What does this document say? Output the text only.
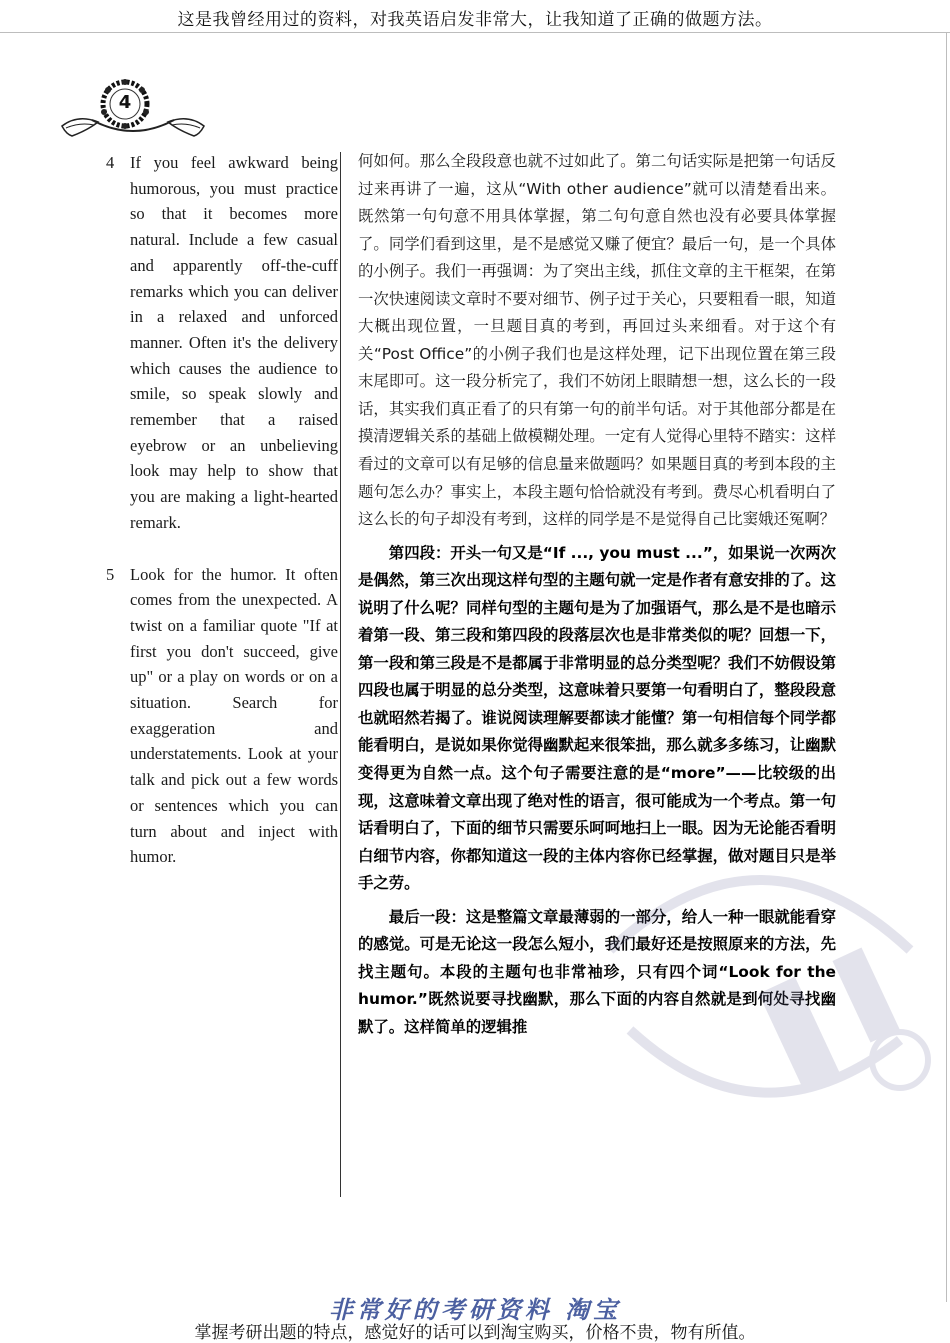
这是我曾经用过的资料，对我英语启发非常大，让我知道了正确的做题方法。
4
4 If you feel awkward being humorous, you must practice so that it becomes more natural. Include a few casual and apparently off-the-cuff remarks which you can deliver in a relaxed and unforced manner. Often it's the delivery which causes the audience to smile, so speak slowly and remember that a raised eyebrow or an unbelieving look may help to show that you are making a light-hearted remark.
5 Look for the humor. It often comes from the unexpected. A twist on a familiar quote "If at first you don't succeed, give up" or a play on words or on a situation. Search for exaggeration and understatements. Look at your talk and pick out a few words or sentences which you can turn about and inject with humor.

何如何。那么全段段意也就不过如此了。第二句话实际是把第一句话反过来再讲了一遍，这从“With other audience”就可以清楚看出来。既然第一句句意不用具体掌握，第二句句意自然也没有必要具体掌握了。同学们看到这里，是不是感觉又赚了便宜？最后一句，是一个具体的小例子。我们一再强调：为了突出主线，抓住文章的主干框架，在第一次快速阅读文章时不要对细节、例子过于关心，只要粗看一眼，知道大概出现位置，一旦题目真的考到，再回过头来细看。对于这个有关“Post Office”的小例子我们也是这样处理，记下出现位置在第三段末尾即可。这一段分析完了，我们不妨闭上眼睛想一想，这么长的一段话，其实我们真正看了的只有第一句的前半句话。对于其他部分都是在摸清逻辑关系的基础上做模糊处理。一定有人觉得心里特不踏实：这样看过的文章可以有足够的信息量来做题吗？如果题目真的考到本段的主题句怎么办？事实上，本段主题句恰恰就没有考到。费尽心机看明白了这么长的句子却没有考到，这样的同学是不是觉得自己比窦娥还冤啊？

第四段：开头一句又是“If ..., you must ...”，如果说一次两次是偶然，第三次出现这样句型的主题句就一定是作者有意安排的了。这说明了什么呢？同样句型的主题句是为了加强语气，那么是不是也暗示着第一段、第三段和第四段的段落层次也是非常类似的呢？回想一下，第一段和第三段是不是都属于非常明显的总分类型呢？我们不妨假设第四段也属于明显的总分类型，这意味着只要第一句看明白了，整段段意也就昭然若揭了。谁说阅读理解要都读才能懂？第一句相信每个同学都能看明白，是说如果你觉得幽默起来很笨拙，那么就多多练习，让幽默变得更为自然一点。这个句子需要注意的是“more”——比较级的出现，这意味着文章出现了绝对性的语言，很可能成为一个考点。第一句话看明白了，下面的细节只需要乐呵呵地扫上一眼。因为无论能否看明白细节内容，你都知道这一段的主体内容你已经掌握，做对题目只是举手之劳。

最后一段：这是整篇文章最薄弱的一部分，给人一种一眼就能看穿的感觉。可是无论这一段怎么短小，我们最好还是按照原来的方法，先找主题句。本段的主题句也非常袖珍，只有四个词“Look for the humor.”既然说要寻找幽默，那么下面的内容自然就是到何处寻找幽默了。这样简单的逻辑推

非常好的考研资料 淘宝
掌握考研出题的特点，感觉好的话可以到淘宝购买，价格不贵，物有所值。
